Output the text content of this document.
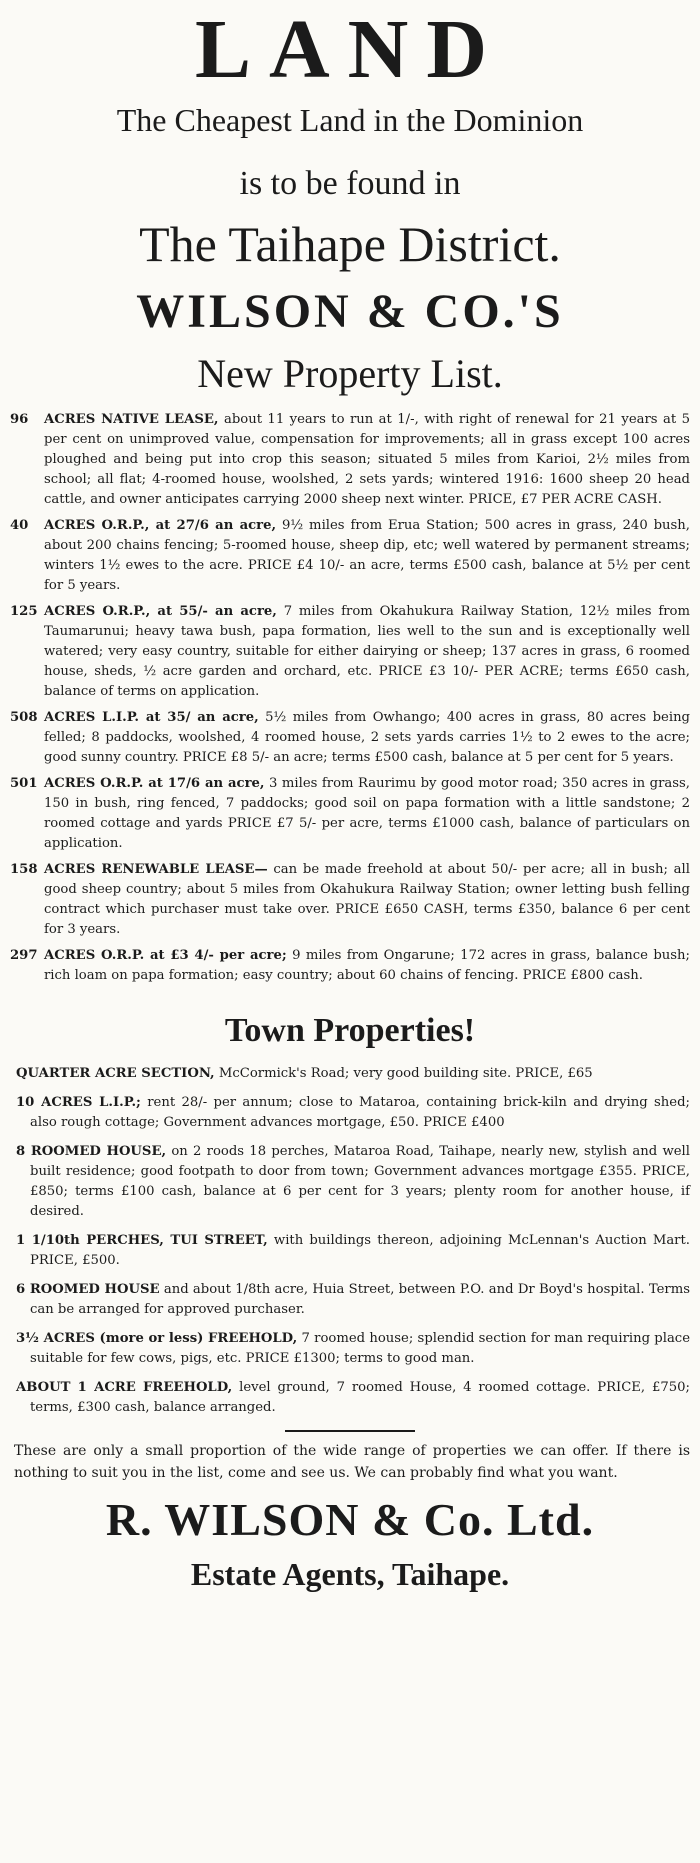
LAND
The Cheapest Land in the Dominion
is to be found in
The Taihape District.
WILSON & CO.'S
New Property List.
96	ACRES NATIVE LEASE, about 11 years to run at 1/-, with right of renewal for 21 years at 5 per cent on unimproved value, compensation for improvements; all in grass except 100 acres ploughed and being put into crop this season; situated 5 miles from Karioi, 2½ miles from school; all flat; 4-roomed house, woolshed, 2 sets yards; wintered 1916: 1600 sheep 20 head cattle, and owner anticipates carrying 2000 sheep next winter. PRICE, £7 PER ACRE CASH.
40	ACRES O.R.P., at 27/6 an acre, 9½ miles from Erua Station; 500 acres in grass, 240 bush, about 200 chains fencing; 5-roomed house, sheep dip, etc; well watered by permanent streams; winters 1½ ewes to the acre. PRICE £4 10/- an acre, terms £500 cash, balance at 5½ per cent for 5 years.
125 ACRES O.R.P., at 55/- an acre, 7 miles from Okahukura Railway Station, 12½ miles from Taumarunui; heavy tawa bush, papa formation, lies well to the sun and is exceptionally well watered; very easy country, suitable for either dairying or sheep; 137 acres in grass, 6 roomed house, sheds, ½ acre garden and orchard, etc. PRICE £3 10/- PER ACRE; terms £650 cash, balance of terms on application.
508 ACRES L.I.P. at 35/ an acre, 5½ miles from Owhango; 400 acres in grass, 80 acres being felled; 8 paddocks, woolshed, 4 roomed house, 2 sets yards carries 1½ to 2 ewes to the acre; good sunny country. PRICE £8 5/- an acre; terms £500 cash, balance at 5 per cent for 5 years.
501 ACRES O.R.P. at 17/6 an acre, 3 miles from Raurimu by good motor road; 350 acres in grass, 150 in bush, ring fenced, 7 paddocks; good soil on papa formation with a little sandstone; 2 roomed cottage and yards PRICE £7 5/- per acre, terms £1000 cash, balance of particulars on application.
158 ACRES RENEWABLE LEASE— can be made freehold at about 50/- per acre; all in bush; all good sheep country; about 5 miles from Okahukura Railway Station; owner letting bush felling contract which purchaser must take over. PRICE £650 CASH, terms £350, balance 6 per cent for 3 years.
297 ACRES O.R.P. at £3 4/- per acre; 9 miles from Ongarune; 172 acres in grass, balance bush; rich loam on papa formation; easy country; about 60 chains of fencing. PRICE £800 cash.
Town Properties!

QUARTER ACRE SECTION, McCormick's Road; very good building site. PRICE, £65

10 ACRES L.I.P.; rent 28/- per annum; close to Mataroa, containing brick-kiln and drying shed; also rough cottage; Government advances mortgage, £50. PRICE £400

8 ROOMED HOUSE, on 2 roods 18 perches, Mataroa Road, Taihape, nearly new, stylish and well built residence; good footpath to door from town; Government advances mortgage £355. PRICE, £850; terms £100 cash, balance at 6 per cent for 3 years; plenty room for another house, if desired.

1 1/10th PERCHES, TUI STREET, with buildings thereon, adjoining McLennan's Auction Mart. PRICE, £500.

6 ROOMED HOUSE and about 1/8th acre, Huia Street, between P.O. and Dr Boyd's hospital. Terms can be arranged for approved purchaser.

3½ ACRES (more or less) FREEHOLD, 7 roomed house; splendid section for man requiring place suitable for few cows, pigs, etc. PRICE £1300; terms to good man.

ABOUT 1 ACRE FREEHOLD, level ground, 7 roomed House, 4 roomed cottage. PRICE, £750; terms, £300 cash, balance arranged.

These are only a small proportion of the wide range of properties we can offer. If there is nothing to suit you in the list, come and see us. We can probably find what you want.

R. WILSON & Co. Ltd.
Estate Agents, Taihape.
